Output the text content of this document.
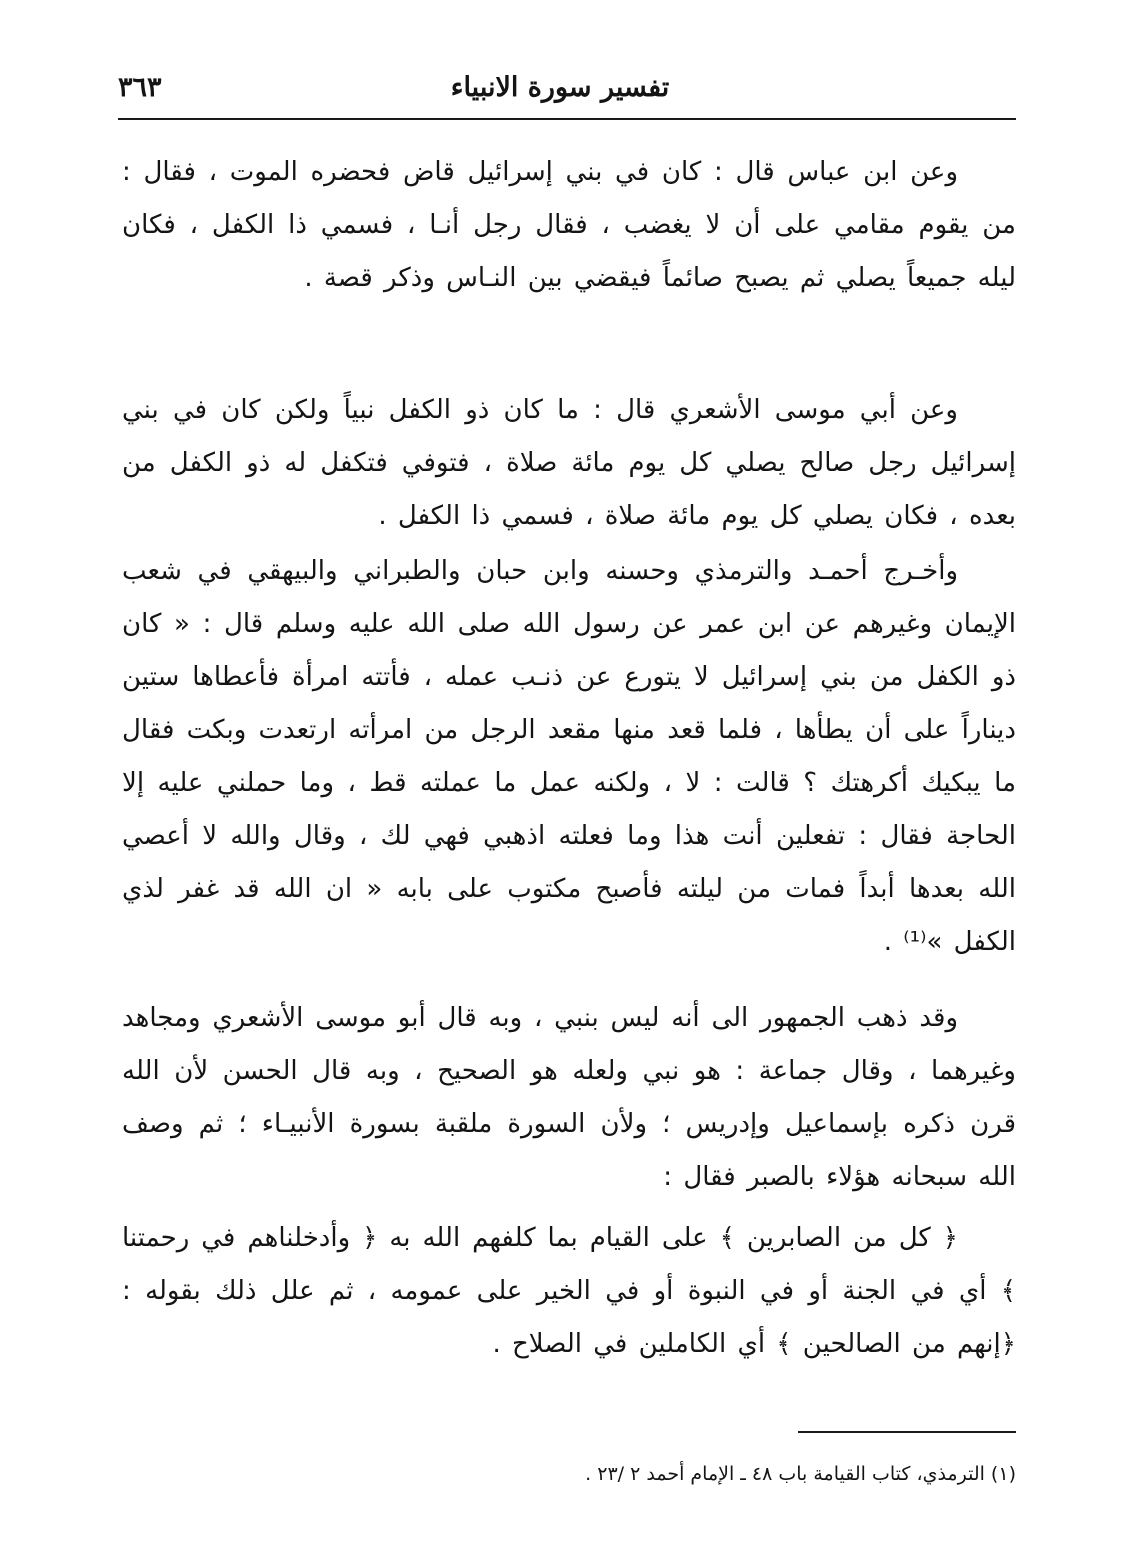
٣٦٣	تفسير سورة الانبياء

وعن ابن عباس قال : كان في بني إسرائيل قاض فحضره الموت ، فقال : من يقوم مقامي على أن لا يغضب ، فقال رجل أنـا ، فسمي ذا الكفل ، فكان ليله جميعاً يصلي ثم يصبح صائماً فيقضي بين النـاس وذكر قصة .

وعن أبي موسى الأشعري قال : ما كان ذو الكفل نبياً ولكن كان في بني إسرائيل رجل صالح يصلي كل يوم مائة صلاة ، فتوفي فتكفل له ذو الكفل من بعده ، فكان يصلي كل يوم مائة صلاة ، فسمي ذا الكفل .

وأخـرج أحمـد والترمذي وحسنه وابن حبان والطبراني والبيهقي في شعب الإيمان وغيرهم عن ابن عمر عن رسول الله صلى الله عليه وسلم قال : « كان ذو الكفل من بني إسرائيل لا يتورع عن ذنـب عمله ، فأتته امرأة فأعطاها ستين ديناراً على أن يطأها ، فلما قعد منها مقعد الرجل من امرأته ارتعدت وبكت فقال ما يبكيك أكرهتك ؟ قالت : لا ، ولكنه عمل ما عملته قط ، وما حملني عليه إلا الحاجة فقال : تفعلين أنت هذا وما فعلته اذهبي فهي لك ، وقال والله لا أعصي الله بعدها أبداً فمات من ليلته فأصبح مكتوب على بابه « ان الله قد غفر لذي الكفل »⁽¹⁾ .

وقد ذهب الجمهور الى أنه ليس بنبي ، وبه قال أبو موسى الأشعري ومجاهد وغيرهما ، وقال جماعة : هو نبي ولعله هو الصحيح ، وبه قال الحسن لأن الله قرن ذكره بإسماعيل وإدريس ؛ ولأن السورة ملقبة بسورة الأنبيـاء ؛ ثم وصف الله سبحانه هؤلاء بالصبر فقال :

﴿ كل من الصابرين ﴾ على القيام بما كلفهم الله به ﴿ وأدخلناهم في رحمتنا ﴾ أي في الجنة أو في النبوة أو في الخير على عمومه ، ثم علل ذلك بقوله : ﴿إنهم من الصالحين ﴾ أي الكاملين في الصلاح .

(١) الترمذي، كتاب القيامة باب ٤٨ ـ الإمام أحمد ٢ /٢٣ .
